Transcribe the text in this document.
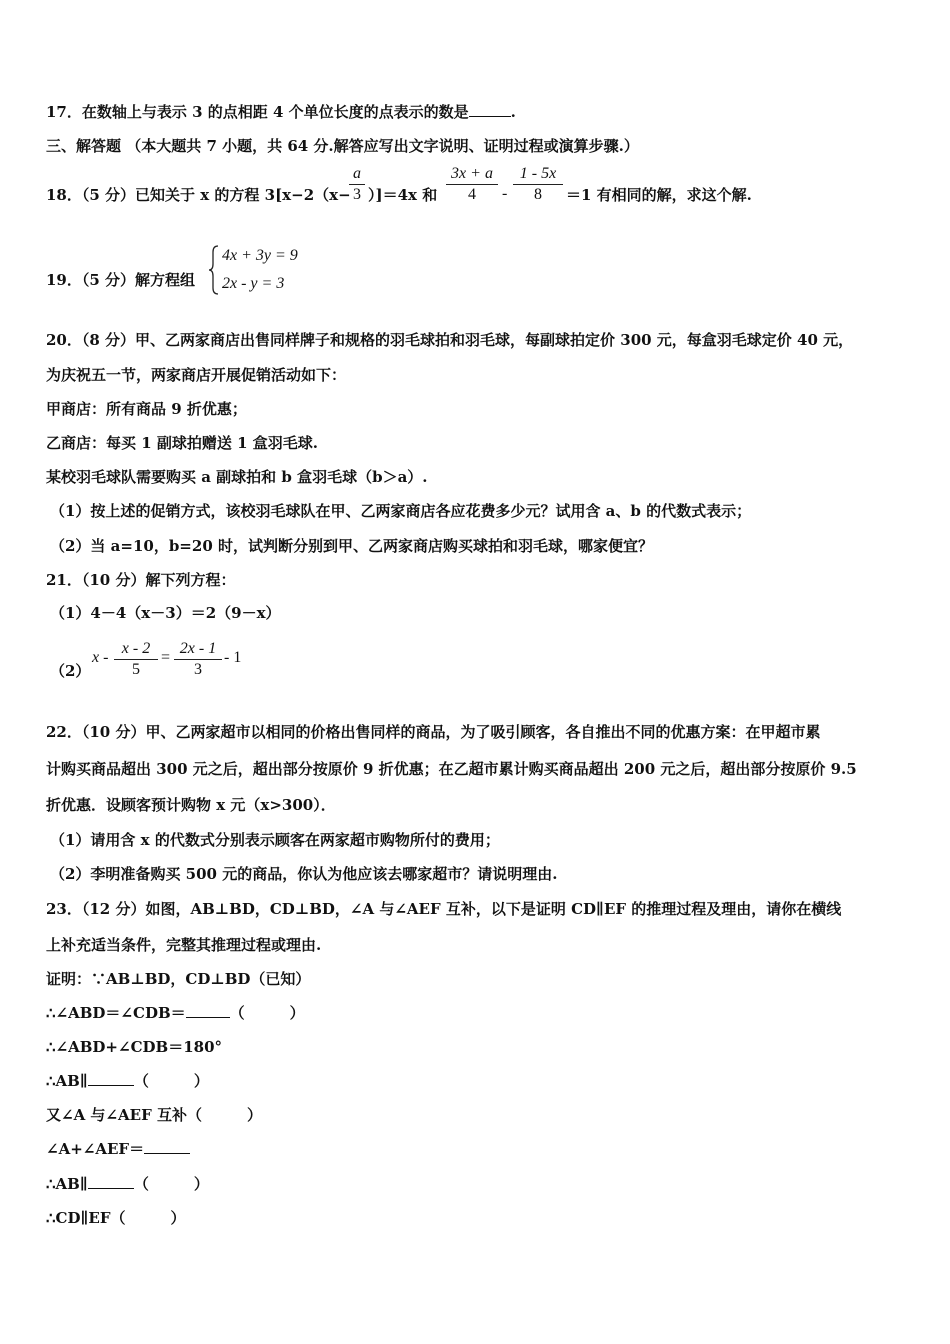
17．在数轴上与表示 3 的点相距 4 个单位长度的点表示的数是	.
三、解答题 （本大题共 7 小题，共 64 分.解答应写出文字说明、证明过程或演算步骤.）
18．（5 分）已知关于 x 的方程 3[x−2（x−
$\frac{a}{3} )]=4x$ 和 $\frac{3x + a}{4} - \frac{1 - 5x}{8} =1$ 有相同的解，求这个解.
19．（5 分）解方程组
4x + 3y = 9
2x - y = 3
20．（8 分）甲、乙两家商店出售同样牌子和规格的羽毛球拍和羽毛球，每副球拍定价 300 元，每盒羽毛球定价 40 元，
为庆祝五一节，两家商店开展促销活动如下：
甲商店：所有商品 9 折优惠；
乙商店：每买 1 副球拍赠送 1 盒羽毛球.
某校羽毛球队需要购买 a 副球拍和 b 盒羽毛球（b＞a）.
（1）按上述的促销方式，该校羽毛球队在甲、乙两家商店各应花费多少元？试用含 a、b 的代数式表示；
（2）当 a=10，b=20 时，试判断分别到甲、乙两家商店购买球拍和羽毛球，哪家便宜？
21．（10 分）解下列方程：
（1）4－4（x－3）＝2（9－x）
（2）
$x - \frac{x - 2}{5} = \frac{2x - 1}{3} - 1$
22．（10 分）甲、乙两家超市以相同的价格出售同样的商品，为了吸引顾客，各自推出不同的优惠方案：在甲超市累
计购买商品超出 300 元之后，超出部分按原价 9 折优惠；在乙超市累计购买商品超出 200 元之后，超出部分按原价 9.5
折优惠．设顾客预计购物 x 元（x>300）．
（1）请用含 x 的代数式分别表示顾客在两家超市购物所付的费用；
（2）李明准备购买 500 元的商品，你认为他应该去哪家超市？请说明理由.
23．（12 分）如图，AB⊥BD，CD⊥BD，∠A 与∠AEF 互补，以下是证明 CD∥EF 的推理过程及理由，请你在横线
上补充适当条件，完整其推理过程或理由.
证明：∵AB⊥BD，CD⊥BD（已知）
∴∠ABD＝∠CDB＝	（　　　）
∴∠ABD+∠CDB＝180°
∴AB∥	（　　　）
又∠A 与∠AEF 互补（　　　）
∠A+∠AEF＝
∴AB∥	（　　　）
∴CD∥EF（　　　）
